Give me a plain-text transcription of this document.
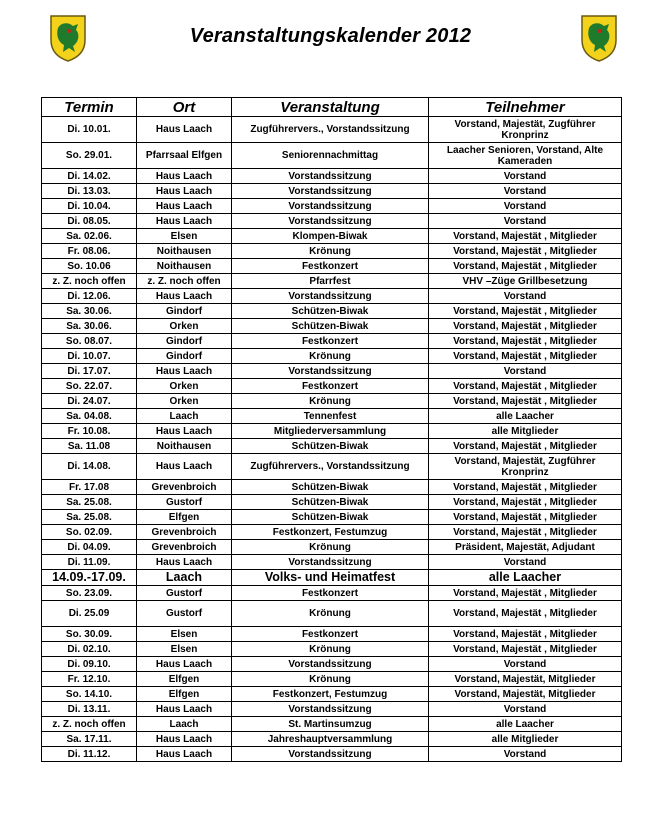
Veranstaltungskalender 2012
Termin	Ort	Veranstaltung	Teilnehmer
Di. 10.01.	Haus Laach	Zugführervers., Vorstandssitzung	Vorstand, Majestät, Zugführer Kronprinz
So. 29.01.	Pfarrsaal Elfgen	Seniorennachmittag	Laacher Senioren, Vorstand, Alte Kameraden
Di. 14.02.	Haus Laach	Vorstandssitzung	Vorstand
Di. 13.03.	Haus Laach	Vorstandssitzung	Vorstand
Di. 10.04.	Haus Laach	Vorstandssitzung	Vorstand
Di. 08.05.	Haus Laach	Vorstandssitzung	Vorstand
Sa. 02.06.	Elsen	Klompen-Biwak	Vorstand, Majestät , Mitglieder
Fr. 08.06.	Noithausen	Krönung	Vorstand, Majestät , Mitglieder
So. 10.06	Noithausen	Festkonzert	Vorstand, Majestät , Mitglieder
z. Z. noch offen	z. Z. noch offen	Pfarrfest	VHV –Züge Grillbesetzung
Di. 12.06.	Haus Laach	Vorstandssitzung	Vorstand
Sa. 30.06.	Gindorf	Schützen-Biwak	Vorstand, Majestät , Mitglieder
Sa. 30.06.	Orken	Schützen-Biwak	Vorstand, Majestät , Mitglieder
So. 08.07.	Gindorf	Festkonzert	Vorstand, Majestät , Mitglieder
Di. 10.07.	Gindorf	Krönung	Vorstand, Majestät , Mitglieder
Di. 17.07.	Haus Laach	Vorstandssitzung	Vorstand
So. 22.07.	Orken	Festkonzert	Vorstand, Majestät , Mitglieder
Di. 24.07.	Orken	Krönung	Vorstand, Majestät , Mitglieder
Sa. 04.08.	Laach	Tennenfest	alle Laacher
Fr. 10.08.	Haus Laach	Mitgliederversammlung	alle Mitglieder
Sa. 11.08	Noithausen	Schützen-Biwak	Vorstand, Majestät , Mitglieder
Di. 14.08.	Haus Laach	Zugführervers., Vorstandssitzung	Vorstand, Majestät, Zugführer Kronprinz
Fr. 17.08	Grevenbroich	Schützen-Biwak	Vorstand, Majestät , Mitglieder
Sa. 25.08.	Gustorf	Schützen-Biwak	Vorstand, Majestät , Mitglieder
Sa. 25.08.	Elfgen	Schützen-Biwak	Vorstand, Majestät , Mitglieder
So. 02.09.	Grevenbroich	Festkonzert, Festumzug	Vorstand, Majestät , Mitglieder
Di. 04.09.	Grevenbroich	Krönung	Präsident, Majestät, Adjudant
Di. 11.09.	Haus Laach	Vorstandssitzung	Vorstand
14.09.-17.09.	Laach	Volks- und Heimatfest	alle Laacher
So. 23.09.	Gustorf	Festkonzert	Vorstand, Majestät , Mitglieder
Di. 25.09	Gustorf	Krönung	Vorstand, Majestät , Mitglieder
So. 30.09.	Elsen	Festkonzert	Vorstand, Majestät , Mitglieder
Di. 02.10.	Elsen	Krönung	Vorstand, Majestät , Mitglieder
Di. 09.10.	Haus Laach	Vorstandssitzung	Vorstand
Fr. 12.10.	Elfgen	Krönung	Vorstand, Majestät, Mitglieder
So. 14.10.	Elfgen	Festkonzert, Festumzug	Vorstand, Majestät, Mitglieder
Di. 13.11.	Haus Laach	Vorstandssitzung	Vorstand
z. Z. noch offen	Laach	St. Martinsumzug	alle Laacher
Sa. 17.11.	Haus Laach	Jahreshauptversammlung	alle Mitglieder
Di. 11.12.	Haus Laach	Vorstandssitzung	Vorstand
